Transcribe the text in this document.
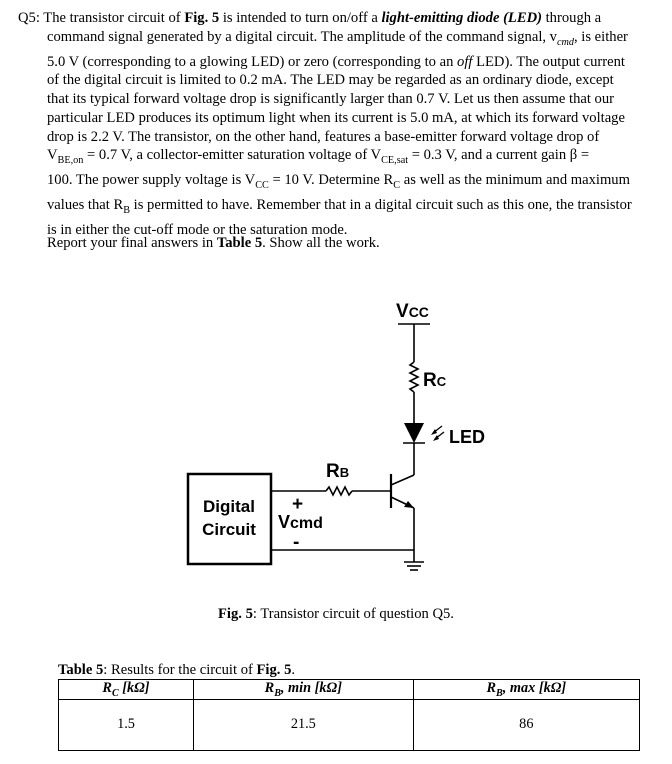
Q5: The transistor circuit of Fig. 5 is intended to turn on/off a light-emitting diode (LED) through a
command signal generated by a digital circuit. The amplitude of the command signal, $v_{cmd}$, is either
5.0 V (corresponding to a glowing LED) or zero (corresponding to an off LED). The output current
of the digital circuit is limited to 0.2 mA. The LED may be regarded as an ordinary diode, except
that its typical forward voltage drop is significantly larger than 0.7 V. Let us then assume that our
particular LED produces its optimum light when its current is 5.0 mA, at which its forward voltage
drop is 2.2 V. The transistor, on the other hand, features a base-emitter forward voltage drop of
$V_{BE,on} = 0.7$ V, a collector-emitter saturation voltage of $V_{CE,sat} = 0.3$ V, and a current gain β =
100. The power supply voltage is $V_{CC} = 10$ V. Determine $R_C$ as well as the minimum and maximum
values that $R_B$ is permitted to have. Remember that in a digital circuit such as this one, the transistor
is in either the cut-off mode or the saturation mode.
Report your final answers in Table 5. Show all the work.
VCC
RC
LED
RB
Digital
Circuit
+
Vcmd
-
Fig. 5: Transistor circuit of question Q5.
Table 5: Results for the circuit of Fig. 5.
$R_C$ [kΩ]	$R_B$, min [kΩ]	$R_B$, max [kΩ]
1.5	21.5	86
